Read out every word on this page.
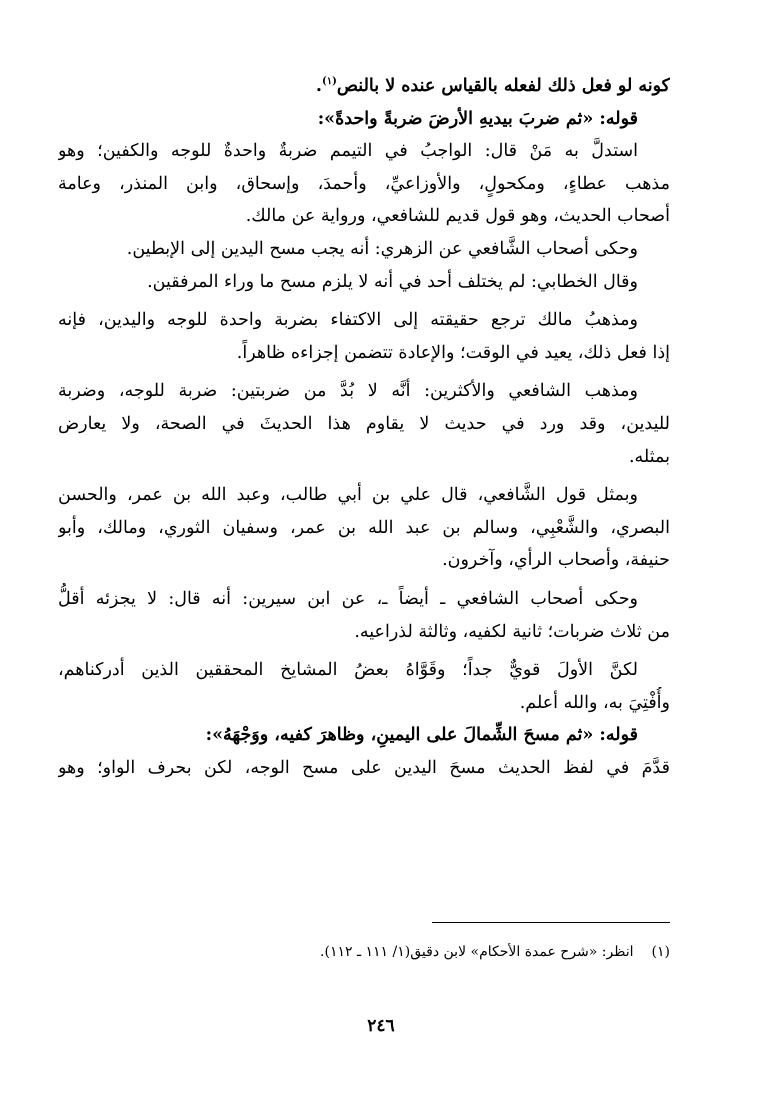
كونه لو فعل ذلك لفعله بالقياس عنده لا بالنص$^{(١)}$.
قوله: «ثم ضربَ بيديهِ الأرضَ ضربةً واحدةً»:
استدلَّ به مَنْ قال: الواجبُ في التيمم ضربةٌ واحدةٌ للوجه والكفين؛ وهو
مذهب عطاءٍ، ومكحولٍ، والأوزاعيِّ، وأحمدَ، وإسحاق، وابن المنذر، وعامة
أصحاب الحديث، وهو قول قديم للشافعي، ورواية عن مالك.
وحكى أصحاب الشَّافعي عن الزهري: أنه يجب مسح اليدين إلى الإبطين.
وقال الخطابي: لم يختلف أحد في أنه لا يلزم مسح ما وراء المرفقين.
ومذهبُ مالك ترجع حقيقته إلى الاكتفاء بضربة واحدة للوجه واليدين، فإنه
إذا فعل ذلك، يعيد في الوقت؛ والإعادة تتضمن إجزاءه ظاهراً.
ومذهب الشافعي والأكثرين: أنَّه لا بُدَّ من ضربتين: ضربة للوجه، وضربة
لليدين، وقد ورد في حديث لا يقاوم هذا الحديثَ في الصحة، ولا يعارض
بمثله.
وبمثل قول الشَّافعي، قال علي بن أبي طالب، وعبد الله بن عمر، والحسن
البصري، والشَّعْبِي، وسالم بن عبد الله بن عمر، وسفيان الثوري، ومالك، وأبو
حنيفة، وأصحاب الرأي، وآخرون.
وحكى أصحاب الشافعي ـ أيضاً ـ، عن ابن سيرين: أنه قال: لا يجزئه أقلُّ
من ثلاث ضربات؛ ثانية لكفيه، وثالثة لذراعيه.
لكنَّ الأولَ قويٌّ جداً؛ وقَوَّاهُ بعضُ المشايخ المحققين الذين أدركناهم،
وأُفْتِيَ به، والله أعلم.
قوله: «ثم مسحَ الشِّمالَ على اليمينِ، وظاهرَ كفيه، ووَجْهَهُ»:
قدَّمَ في لفظ الحديث مسحَ اليدين على مسح الوجه، لكن بحرف الواو؛ وهو
(١)انظر: «شرح عمدة الأحكام» لابن دقيق(١/ ١١١ ـ ١١٢).
٢٤٦
